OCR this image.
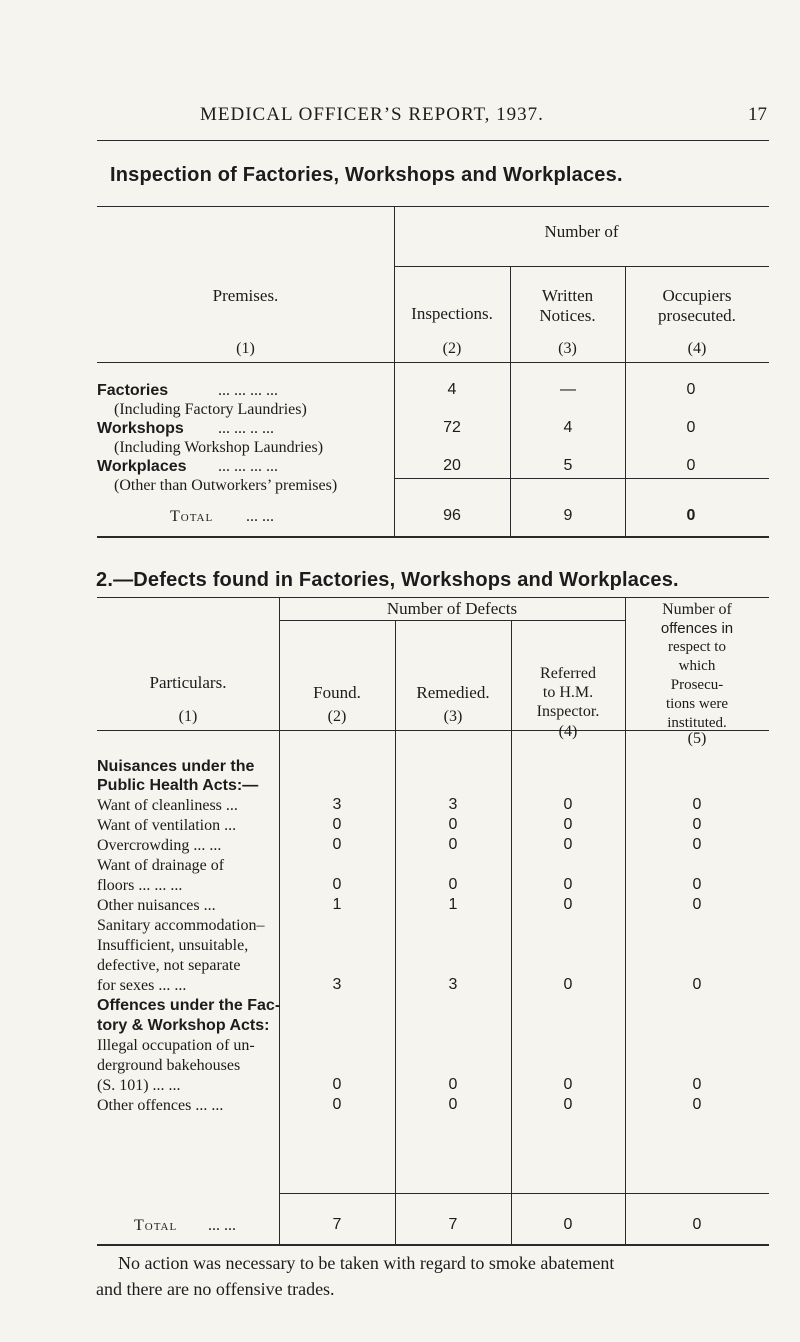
MEDICAL OFFICER’S REPORT, 1937.	17
Inspection of Factories, Workshops and Workplaces.
Number of
Premises.
(1)
Inspections.
(2)
Written
Notices.
(3)
Occupiers
prosecuted.
(4)
Factories	... ... ... ...
(Including Factory Laundries)
4	—	0
Workshops ... ... .. ...
(Including Workshop Laundries)
72	4	0
Workplaces ... ... ... ...
(Other than Outworkers’ premises)
20	5	0
Total ... ...	96	9	0
2.—Defects found in Factories, Workshops and Workplaces.
Number of Defects
Particulars.
(1)
Found.
(2)
Remedied.
(3)
Referred
to H.M.
Inspector.
(4)
Number of
offences in
respect to
which
Prosecu-
tions were
instituted.
(5)
Nuisances under the
Public Health Acts:—
Want of cleanliness ...	3	3	0	0
Want of ventilation ...	0	0	0	0
Overcrowding ... ...	0	0	0	0
Want of drainage of
floors ... ... ...	0	0	0	0
Other nuisances ...	1	1	0	0
Sanitary accommodation–
Insufficient, unsuitable,
defective, not separate
for sexes ... ...	3	3	0	0
Offences under the Fac-
tory & Workshop Acts:
Illegal occupation of un-
derground bakehouses
(S. 101) ... ...	0	0	0	0
Other offences ... ...	0	0	0	0
Total ... ...	7	7	0	0
No action was necessary to be taken with regard to smoke abatement
and there are no offensive trades.
